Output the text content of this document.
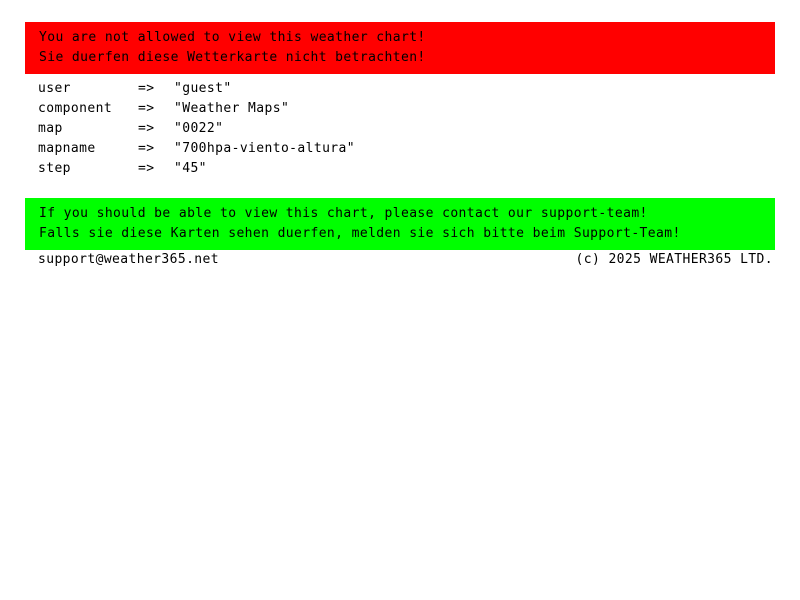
You are not allowed to view this weather chart!
Sie duerfen diese Wetterkarte nicht betrachten!
user	=>	"guest"
component	=>	"Weather Maps"
map	=>	"0022"
mapname	=>	"700hpa-viento-altura"
step	=>	"45"
If you should be able to view this chart, please contact our support-team!
Falls sie diese Karten sehen duerfen, melden sie sich bitte beim Support-Team!
support@weather365.net	(c) 2025 WEATHER365 LTD.
